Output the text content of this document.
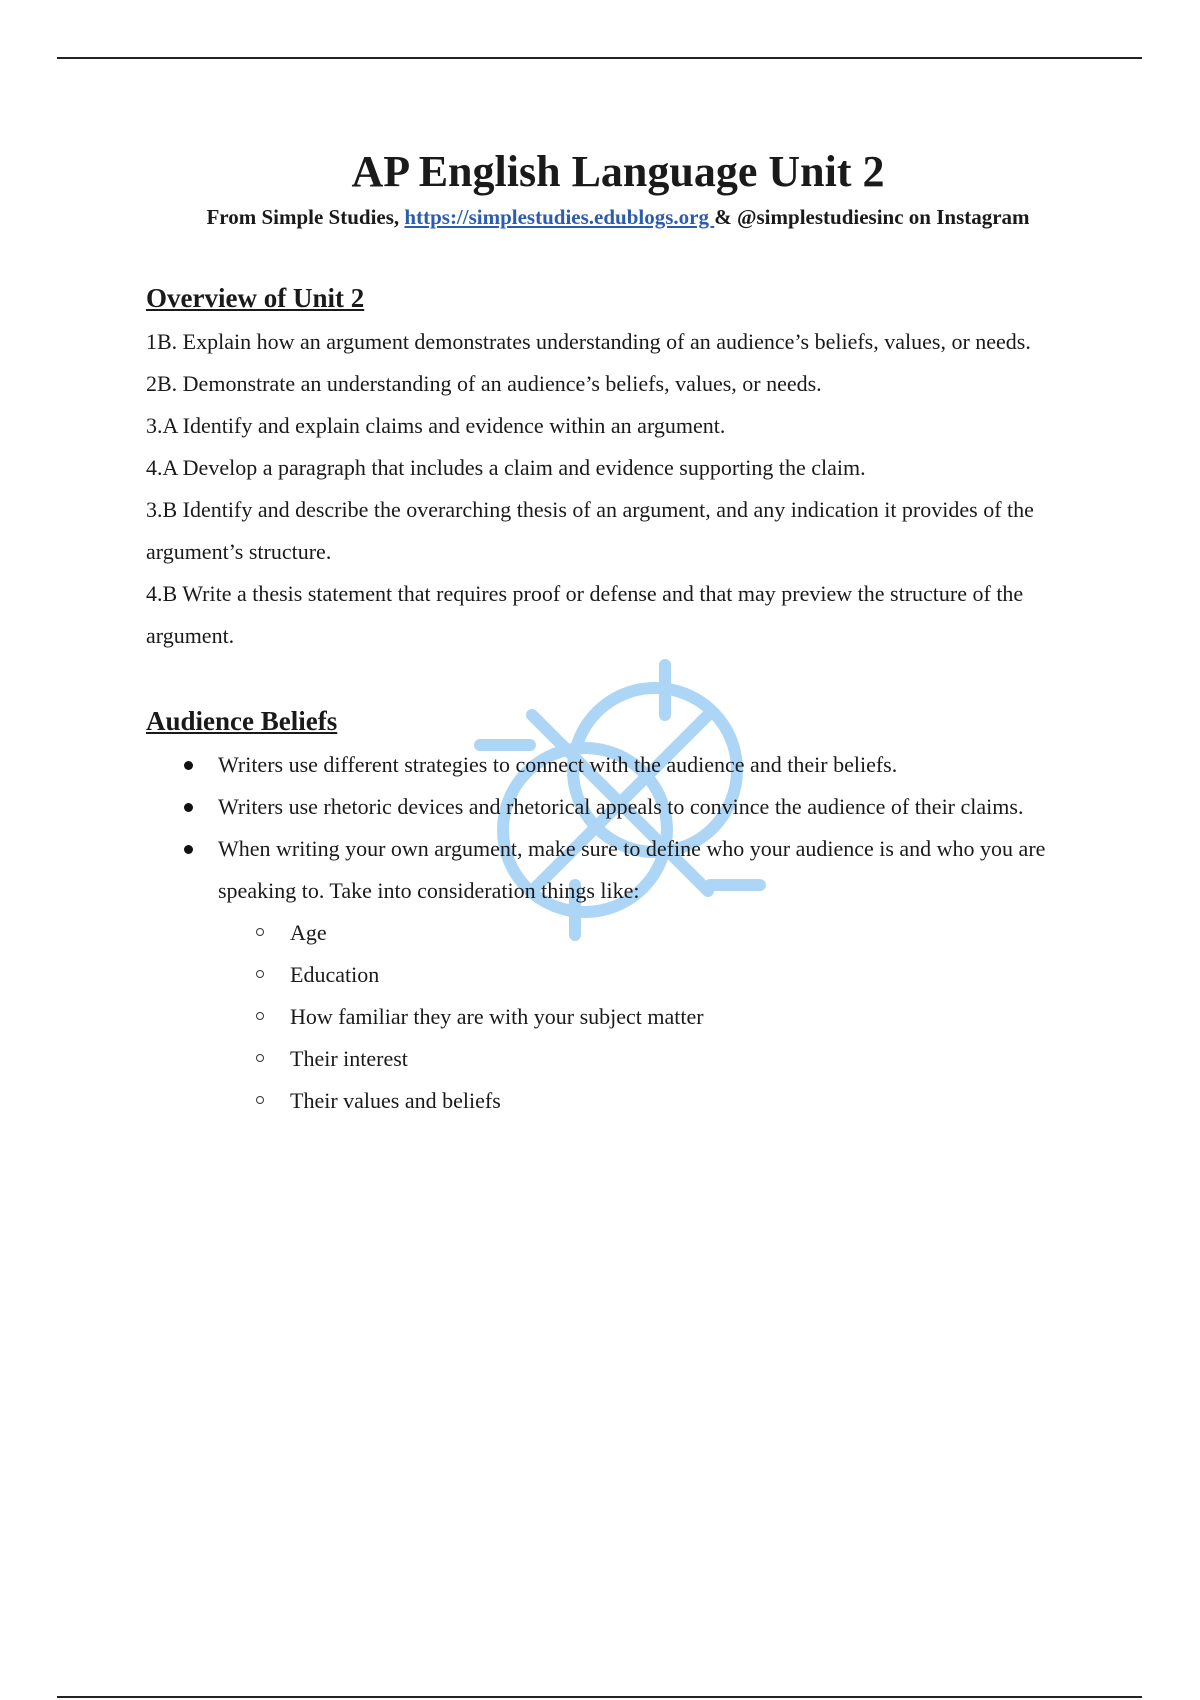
AP English Language Unit 2

From Simple Studies, https://simplestudies.edublogs.org & @simplestudiesinc on Instagram

Overview of Unit 2

1B. Explain how an argument demonstrates understanding of an audience’s beliefs, values, or needs.

2B. Demonstrate an understanding of an audience’s beliefs, values, or needs.

3.A Identify and explain claims and evidence within an argument.

4.A Develop a paragraph that includes a claim and evidence supporting the claim.

3.B Identify and describe the overarching thesis of an argument, and any indication it provides of the argument’s structure.

4.B Write a thesis statement that requires proof or defense and that may preview the structure of the argument.

Audience Beliefs
Writers use different strategies to connect with the audience and their beliefs.
Writers use rhetoric devices and rhetorical appeals to convince the audience of their claims.
When writing your own argument, make sure to define who your audience is and who you are speaking to. Take into consideration things like:
Age
Education
How familiar they are with your subject matter
Their interest
Their values and beliefs
